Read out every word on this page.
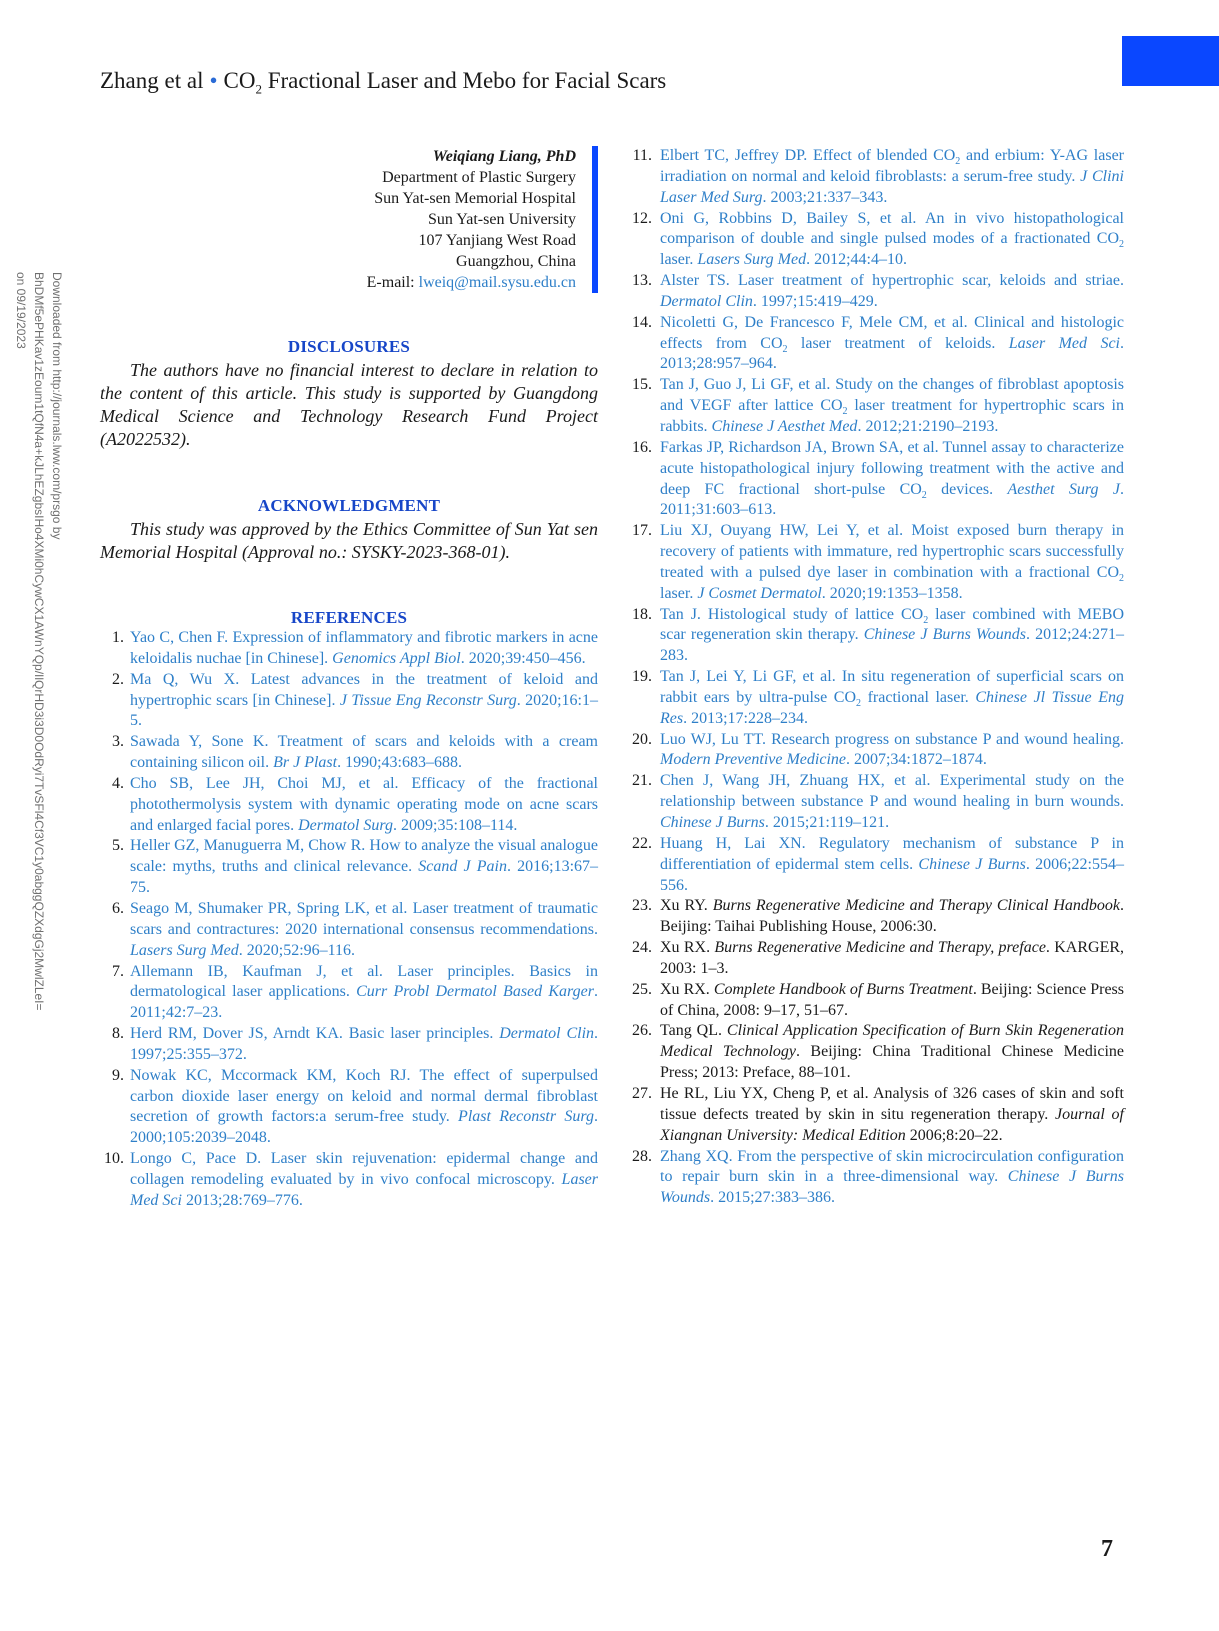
Zhang et al • $CO_2$ Fractional Laser and Mebo for Facial Scars
Downloaded from http://journals.lww.com/prsgo by BhDMf5ePHKav1zEoum1tQfN4a+kJLhEZgbsIHo4XMi0hCywCX1AWnYQp/IlQrHD3i3D0OdRyi7TvSFl4Cf3VC1y0abggQZXdgGj2MwlZLeI= on 09/19/2023
Weiqiang Liang, PhD
Department of Plastic Surgery
Sun Yat-sen Memorial Hospital
Sun Yat-sen University
107 Yanjiang West Road
Guangzhou, China
E-mail: lweiq@mail.sysu.edu.cn
DISCLOSURES

The authors have no financial interest to declare in relation to the content of this article. This study is supported by Guangdong Medical Science and Technology Research Fund Project (A2022532).

ACKNOWLEDGMENT

This study was approved by the Ethics Committee of Sun Yat sen Memorial Hospital (Approval no.: SYSKY-2023-368-01).

REFERENCES
1. Yao C, Chen F. Expression of inflammatory and fibrotic markers in acne keloidalis nuchae [in Chinese]. Genomics Appl Biol. 2020;39:450–456.
2. Ma Q, Wu X. Latest advances in the treatment of keloid and hypertrophic scars [in Chinese]. J Tissue Eng Reconstr Surg. 2020;16:1–5.
3. Sawada Y, Sone K. Treatment of scars and keloids with a cream containing silicon oil. Br J Plast. 1990;43:683–688.
4. Cho SB, Lee JH, Choi MJ, et al. Efficacy of the fractional photothermolysis system with dynamic operating mode on acne scars and enlarged facial pores. Dermatol Surg. 2009;35:108–114.
5. Heller GZ, Manuguerra M, Chow R. How to analyze the visual analogue scale: myths, truths and clinical relevance. Scand J Pain. 2016;13:67–75.
6. Seago M, Shumaker PR, Spring LK, et al. Laser treatment of traumatic scars and contractures: 2020 international consensus recommendations. Lasers Surg Med. 2020;52:96–116.
7. Allemann IB, Kaufman J, et al. Laser principles. Basics in dermatological laser applications. Curr Probl Dermatol Based Karger. 2011;42:7–23.
8. Herd RM, Dover JS, Arndt KA. Basic laser principles. Dermatol Clin. 1997;25:355–372.
9. Nowak KC, Mccormack KM, Koch RJ. The effect of superpulsed carbon dioxide laser energy on keloid and normal dermal fibroblast secretion of growth factors:a serum-free study. Plast Reconstr Surg. 2000;105:2039–2048.
10. Longo C, Pace D. Laser skin rejuvenation: epidermal change and collagen remodeling evaluated by in vivo confocal microscopy. Laser Med Sci 2013;28:769–776.
11. Elbert TC, Jeffrey DP. Effect of blended $CO_2$ and erbium: Y-AG laser irradiation on normal and keloid fibroblasts: a serum-free study. J Clini Laser Med Surg. 2003;21:337–343.
12. Oni G, Robbins D, Bailey S, et al. An in vivo histopathological comparison of double and single pulsed modes of a fractionated $CO_2$ laser. Lasers Surg Med. 2012;44:4–10.
13. Alster TS. Laser treatment of hypertrophic scar, keloids and striae. Dermatol Clin. 1997;15:419–429.
14. Nicoletti G, De Francesco F, Mele CM, et al. Clinical and histologic effects from $CO_2$ laser treatment of keloids. Laser Med Sci. 2013;28:957–964.
15. Tan J, Guo J, Li GF, et al. Study on the changes of fibroblast apoptosis and VEGF after lattice $CO_2$ laser treatment for hypertrophic scars in rabbits. Chinese J Aesthet Med. 2012;21:2190–2193.
16. Farkas JP, Richardson JA, Brown SA, et al. Tunnel assay to characterize acute histopathological injury following treatment with the active and deep FC fractional short-pulse $CO_2$ devices. Aesthet Surg J. 2011;31:603–613.
17. Liu XJ, Ouyang HW, Lei Y, et al. Moist exposed burn therapy in recovery of patients with immature, red hypertrophic scars successfully treated with a pulsed dye laser in combination with a fractional $CO_2$ laser. J Cosmet Dermatol. 2020;19:1353–1358.
18. Tan J. Histological study of lattice $CO_2$ laser combined with MEBO scar regeneration skin therapy. Chinese J Burns Wounds. 2012;24:271–283.
19. Tan J, Lei Y, Li GF, et al. In situ regeneration of superficial scars on rabbit ears by ultra-pulse $CO_2$ fractional laser. Chinese Jl Tissue Eng Res. 2013;17:228–234.
20. Luo WJ, Lu TT. Research progress on substance P and wound healing. Modern Preventive Medicine. 2007;34:1872–1874.
21. Chen J, Wang JH, Zhuang HX, et al. Experimental study on the relationship between substance P and wound healing in burn wounds. Chinese J Burns. 2015;21:119–121.
22. Huang H, Lai XN. Regulatory mechanism of substance P in differentiation of epidermal stem cells. Chinese J Burns. 2006;22:554–556.
23. Xu RY. Burns Regenerative Medicine and Therapy Clinical Handbook. Beijing: Taihai Publishing House, 2006:30.
24. Xu RX. Burns Regenerative Medicine and Therapy, preface. KARGER, 2003: 1–3.
25. Xu RX. Complete Handbook of Burns Treatment. Beijing: Science Press of China, 2008: 9–17, 51–67.
26. Tang QL. Clinical Application Specification of Burn Skin Regeneration Medical Technology. Beijing: China Traditional Chinese Medicine Press; 2013: Preface, 88–101.
27. He RL, Liu YX, Cheng P, et al. Analysis of 326 cases of skin and soft tissue defects treated by skin in situ regeneration therapy. Journal of Xiangnan University: Medical Edition 2006;8:20–22.
28. Zhang XQ. From the perspective of skin microcirculation configuration to repair burn skin in a three-dimensional way. Chinese J Burns Wounds. 2015;27:383–386.
7
